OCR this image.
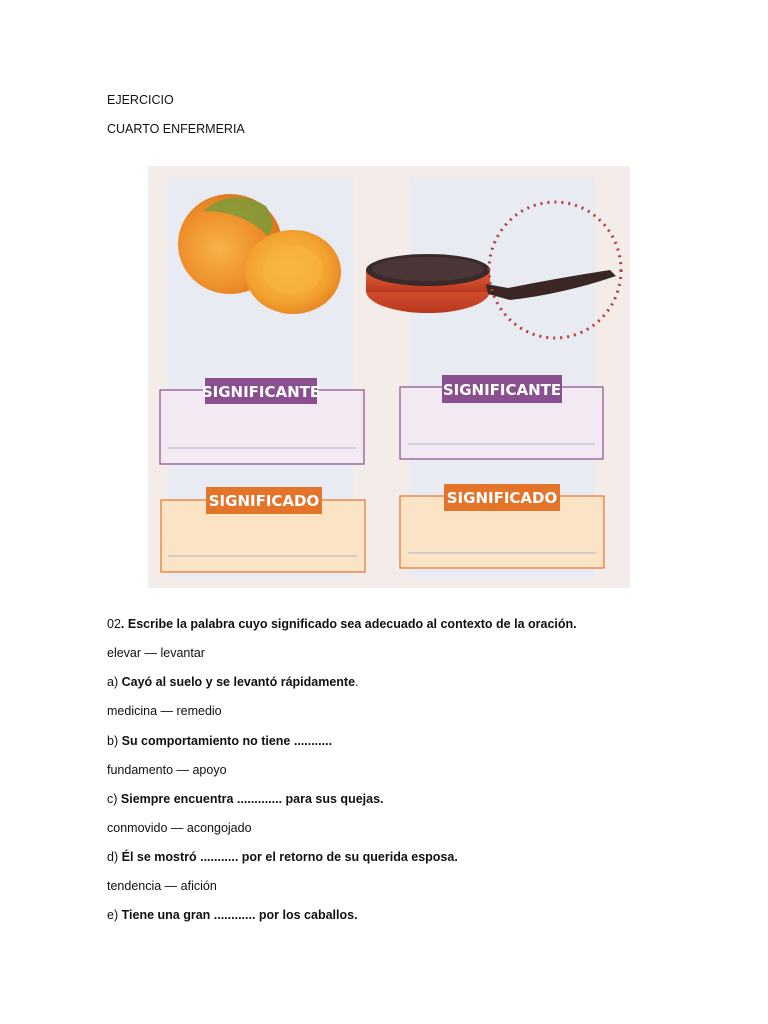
EJERCICIO
CUARTO ENFERMERIA
SIGNIFICANTE	SIGNIFICANTE
SIGNIFICADO	SIGNIFICADO
02. Escribe la palabra cuyo significado sea adecuado al contexto de la oración.
elevar — levantar
a) Cayó al suelo y se levantó rápidamente.
medicina — remedio
b) Su comportamiento no tiene ...........
fundamento — apoyo
c) Siempre encuentra ............. para sus quejas.
conmovido — acongojado
d) Él se mostró ........... por el retorno de su querida esposa.
tendencia — afición
e) Tiene una gran ............ por los caballos.
